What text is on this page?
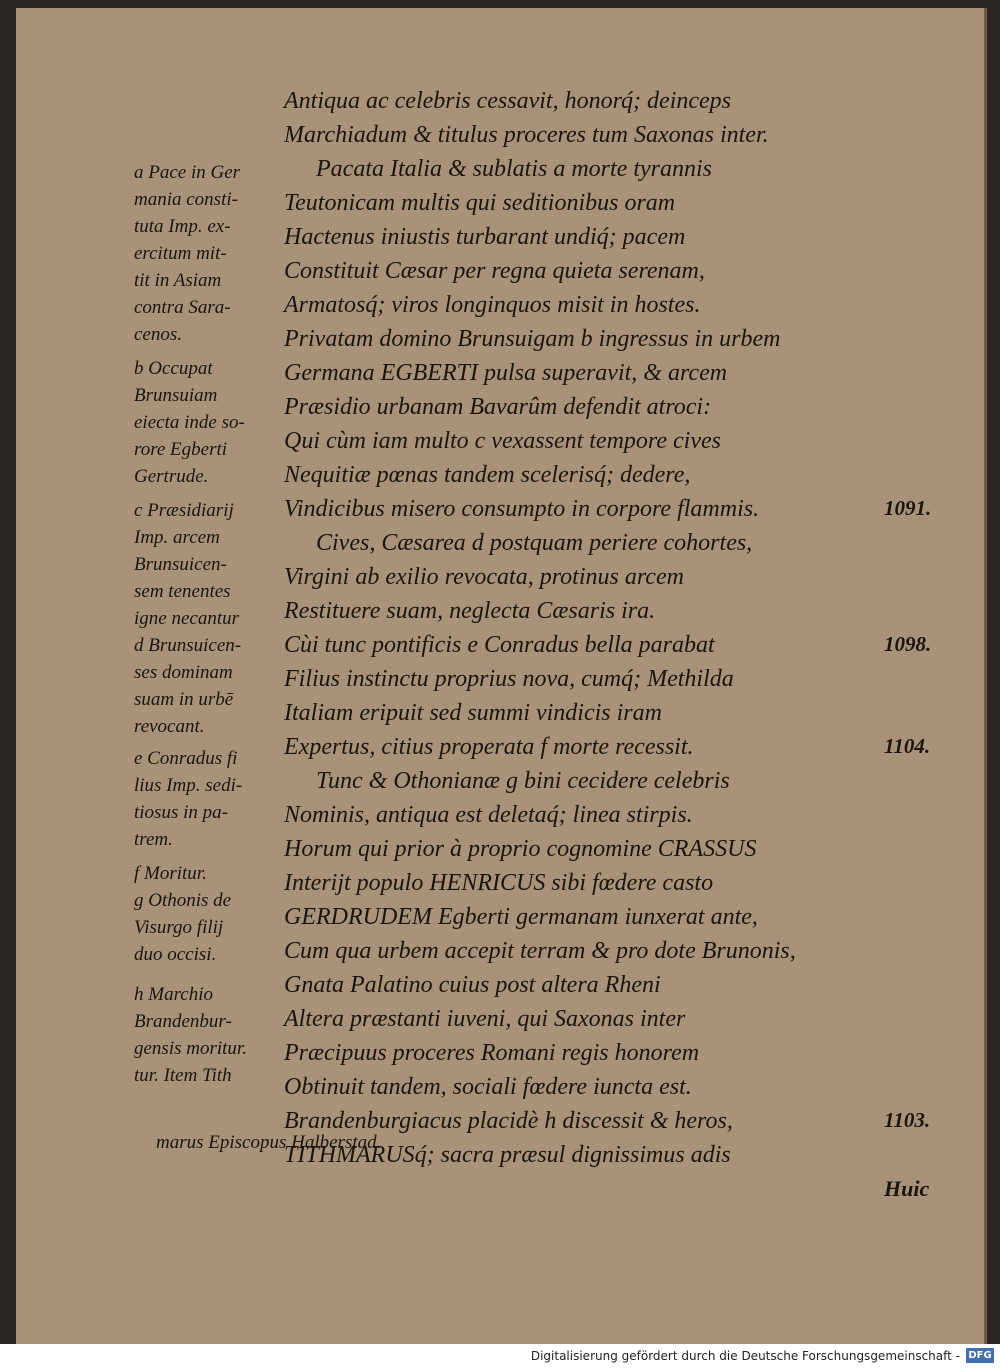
Antiqua ac celebris cessavit, honorq́; deinceps
Marchiadum & titulus proceres tum Saxonas inter.
Pacata Italia & sublatis a morte tyrannis
Teutonicam multis qui seditionibus oram
Hactenus iniustis turbarant undiq́; pacem
Constituit Cæsar per regna quieta serenam,
Armatosq́; viros longinquos misit in hostes.
Privatam domino Brunsuigam b ingressus in urbem
Germana EGBERTI pulsa superavit, & arcem
Præsidio urbanam Bavarûm defendit atroci:
Qui cùm iam multo c vexassent tempore cives
Nequitiæ pœnas tandem scelerisq́; dedere,
Vindicibus misero consumpto in corpore flammis.
Cives, Cæsarea d postquam periere cohortes,
Virgini ab exilio revocata, protinus arcem
Restituere suam, neglecta Cæsaris ira.
Cùi tunc pontificis e Conradus bella parabat
Filius instinctu proprius nova, cumq́; Methilda
Italiam eripuit sed summi vindicis iram
Expertus, citius properata f morte recessit.
Tunc & Othonianæ g bini cecidere celebris
Nominis, antiqua est deletaq́; linea stirpis.
Horum qui prior à proprio cognomine CRASSUS
Interijt populo HENRICUS sibi fœdere casto
GERDRUDEM Egberti germanam iunxerat ante,
Cum qua urbem accepit terram & pro dote Brunonis,
Gnata Palatino cuius post altera Rheni
Altera præstanti iuveni, qui Saxonas inter
Præcipuus proceres Romani regis honorem
Obtinuit tandem, sociali fœdere iuncta est.
Brandenburgiacus placidè h discessit & heros,
TITHMARUSq́; sacra præsul dignissimus adis
a Pace in Ger
mania consti-
tuta Imp. ex-
ercitum mit-
tit in Asiam
contra Sara-
cenos.
b Occupat
Brunsuiam
eiecta inde so-
rore Egberti
Gertrude.
c Præsidiarij
Imp. arcem
Brunsuicen-
sem tenentes
igne necantur
d Brunsuicen-
ses dominam
suam in urbē
revocant.
e Conradus fi
lius Imp. sedi-
tiosus in pa-
trem.
f Moritur.
g Othonis de
Visurgo filij
duo occisi.
h Marchio
Brandenbur-
gensis moritur.
tur. Item Tith
marus Episcopus Halberstad.
1091.
1098.
1104.
1103.
Huic
Digitalisierung gefördert durch die Deutsche Forschungsgemeinschaft - DFG
